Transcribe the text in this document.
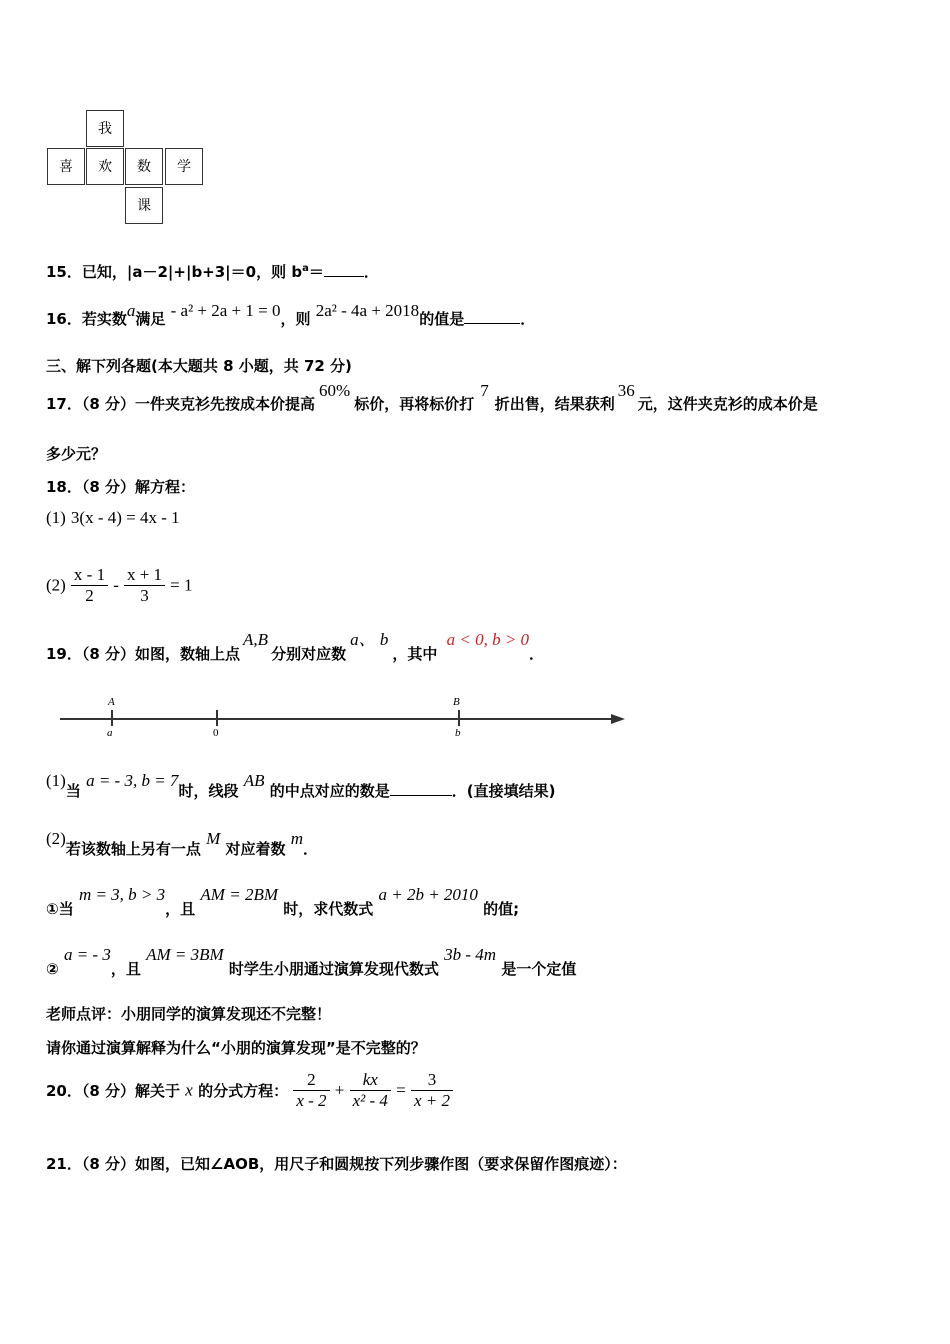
我
喜	欢	数	学
课
15．已知，|a－2|+|b+3|＝0，则 $b^a=$	．
16．若实数a满足 - a² + 2a + 1 = 0，则 2a² - 4a + 2018的值是	．
三、解下列各题(本大题共 8 小题，共 72 分)
17．（8 分）一件夹克衫先按成本价提高60%标价，再将标价打7折出售，结果获利36元，这件夹克衫的成本价是
多少元？
18．（8 分）解方程：
(1) 3(x - 4) = 4x - 1
$(2) \frac{x - 1}{2} - \frac{x + 1}{3} = 1$
19．（8 分）如图，数轴上点A,B分别对应数a、 b，其中 a < 0, b > 0．
A
a	0
B
b
(1)当 a = - 3, b = 7时，线段 AB 的中点对应的数是	．(直接填结果)
(2)若该数轴上另有一点 M 对应着数 m．
①当 m = 3, b > 3，且 AM = 2BM 时，求代数式 a + 2b + 2010 的值;
② a = - 3，且 AM = 3BM 时学生小朋通过演算发现代数式 3b - 4m 是一个定值
老师点评：小朋同学的演算发现还不完整！
请你通过演算解释为什么“小朋的演算发现”是不完整的？
20．（8 分）解关于 x 的分式方程： $\frac{2}{x - 2} + \frac{kx}{\text{x² - 4}} = \frac{3}{x + 2}$
21．（8 分）如图，已知∠AOB，用尺子和圆规按下列步骤作图（要求保留作图痕迹）：
